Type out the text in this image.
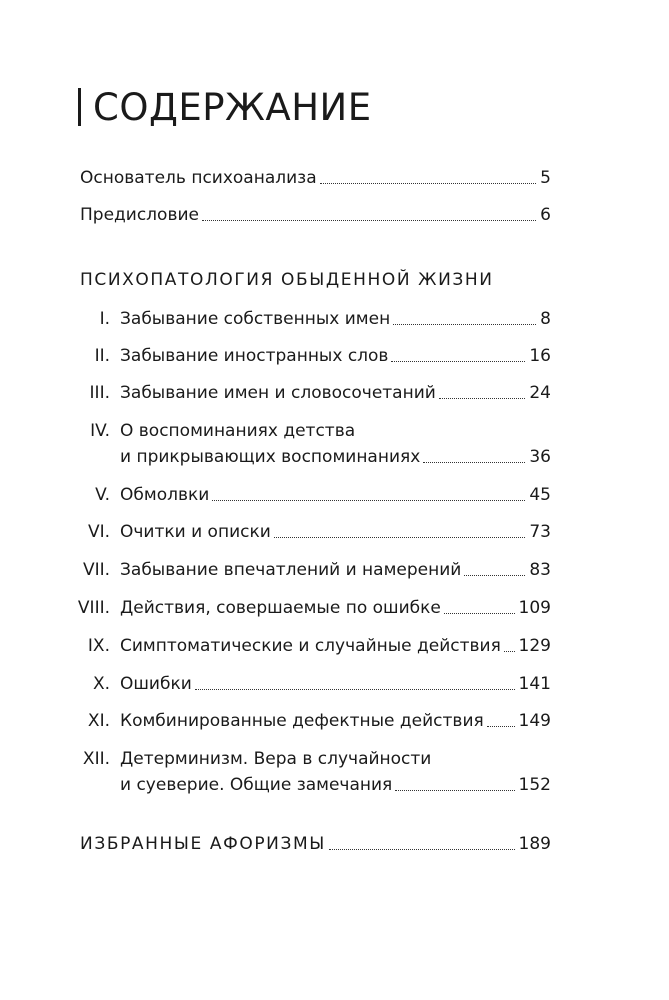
СОДЕРЖАНИЕ
Основатель психоанализа	5
Предисловие	6
ПСИХОПАТОЛОГИЯ ОБЫДЕННОЙ ЖИЗНИ
I. Забывание собственных имен	8
II. Забывание иностранных слов	16
III. Забывание имен и словосочетаний	24
IV. О воспоминаниях детства
и прикрывающих воспоминаниях	36
V. Обмолвки	45
VI. Очитки и описки	73
VII. Забывание впечатлений и намерений	83
VIII. Действия, совершаемые по ошибке	109
IX. Симптоматические и случайные действия 129
X. Ошибки	141
XI. Комбинированные дефектные действия 149
XII. Детерминизм. Вера в случайности
и суеверие. Общие замечания	152
ИЗБРАННЫЕ АФОРИЗМЫ	189
